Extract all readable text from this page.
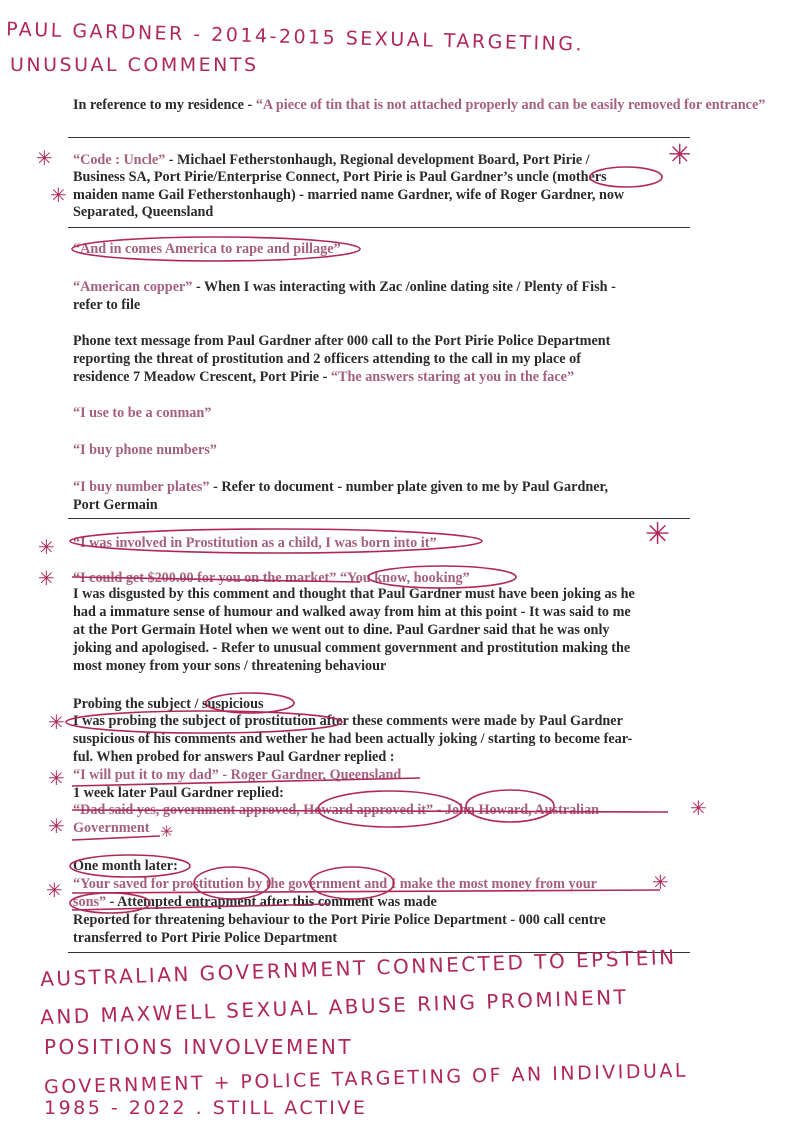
PAUL GARDNER - 2014-2015 SEXUAL TARGETING.
UNUSUAL COMMENTS
In reference to my residence - “A piece of tin that is not attached properly and can be easily removed for entrance”
“Code : Uncle” - Michael Fetherstonhaugh, Regional development Board, Port Pirie /
Business SA, Port Pirie/Enterprise Connect, Port Pirie is Paul Gardner’s uncle (mothers
maiden name Gail Fetherstonhaugh) - married name Gardner, wife of Roger Gardner, now
Separated, Queensland
“And in comes America to rape and pillage”
“American copper” - When I was interacting with Zac /online dating site / Plenty of Fish -
refer to file
Phone text message from Paul Gardner after 000 call to the Port Pirie Police Department
reporting the threat of prostitution and 2 officers attending to the call in my place of
residence 7 Meadow Crescent, Port Pirie - “The answers staring at you in the face”
“I use to be a conman”
“I buy phone numbers”
“I buy number plates” - Refer to document - number plate given to me by Paul Gardner,
Port Germain
“I was involved in Prostitution as a child, I was born into it”
“I could get $200.00 for you on the market” “You know, hooking”
I was disgusted by this comment and thought that Paul Gardner must have been joking as he
had a immature sense of humour and walked away from him at this point - It was said to me
at the Port Germain Hotel when we went out to dine. Paul Gardner said that he was only
joking and apologised. - Refer to unusual comment government and prostitution making the
most money from your sons / threatening behaviour
Probing the subject / suspicious
I was probing the subject of prostitution after these comments were made by Paul Gardner
suspicious of his comments and wether he had been actually joking / starting to become fear-
ful. When probed for answers Paul Gardner replied :
“I will put it to my dad” - Roger Gardner, Queensland
1 week later Paul Gardner replied:
“Dad said yes, government approved, Howard approved it” - John Howard, Australian
Government
One month later:
“Your saved for prostitution by the government and I make the most money from your
sons” - Attempted entrapment after this comment was made
Reported for threatening behaviour to the Port Pirie Police Department - 000 call centre
transferred to Port Pirie Police Department
AUSTRALIAN GOVERNMENT CONNECTED TO EPSTEIN
AND MAXWELL SEXUAL ABUSE RING PROMINENT
POSITIONS INVOLVEMENT
GOVERNMENT + POLICE TARGETING OF AN INDIVIDUAL
1985 - 2022 . STILL ACTIVE
✳	✳
✳
✳
✳
✳
✳
✳
✳
✳	✳
✳
✳
